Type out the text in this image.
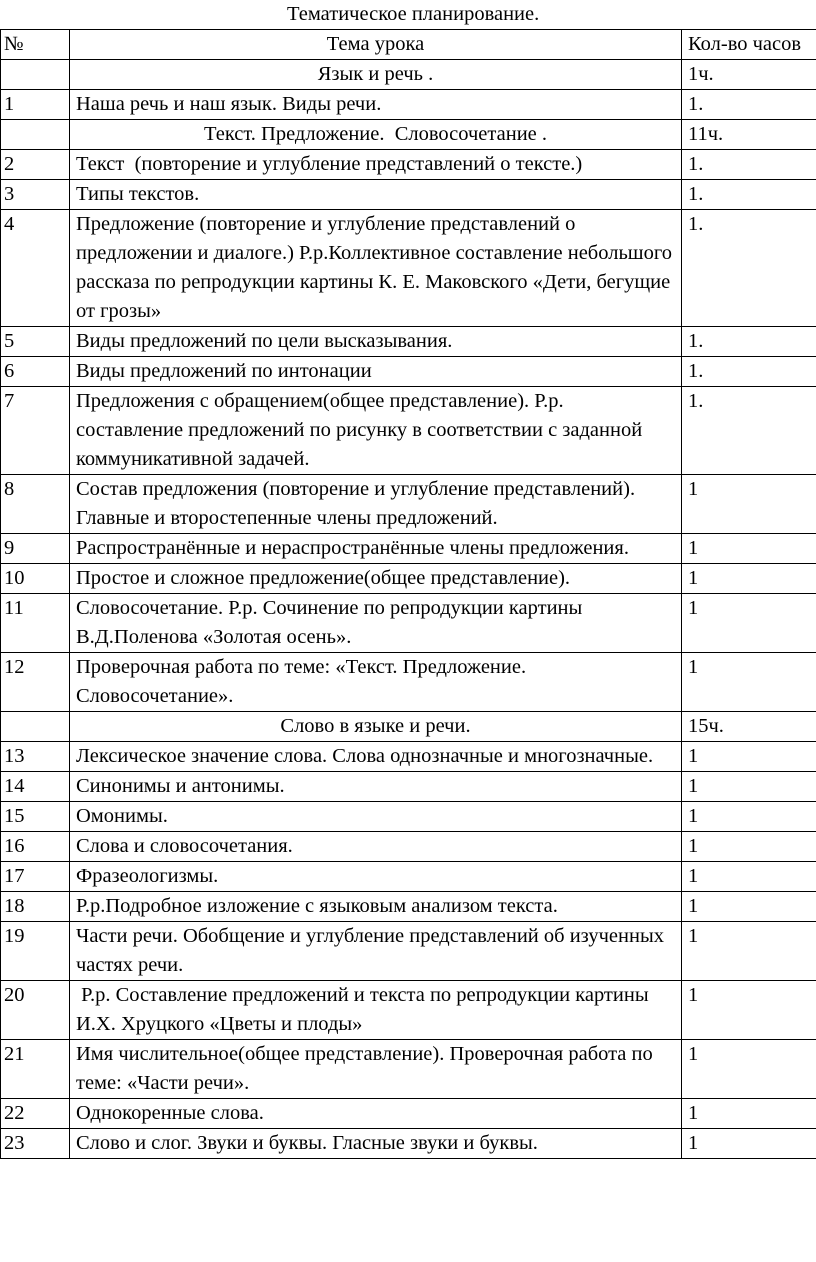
Тематическое планирование.
№	Тема урока	Кол-во часов
	Язык и речь .	1ч.
1	Наша речь и наш язык. Виды речи.	1.
	Текст. Предложение.  Словосочетание .	11ч.
2	Текст  (повторение и углубление представлений о тексте.)	1.
3	Типы текстов.	1.
4	Предложение (повторение и углубление представлений о предложении и диалоге.) Р.р.Коллективное составление небольшого рассказа по репродукции картины К. Е. Маковского «Дети, бегущие от грозы»	1.
5	Виды предложений по цели высказывания.	1.
6	Виды предложений по интонации	1.
7	Предложения с обращением(общее представление). Р.р. составление предложений по рисунку в соответствии с заданной коммуникативной задачей.	1.
8	Состав предложения (повторение и углубление представлений). Главные и второстепенные члены предложений.	1
9	Распространённые и нераспространённые члены предложения.	1
10	Простое и сложное предложение(общее представление).	1
11	Словосочетание. Р.р. Сочинение по репродукции картины В.Д.Поленова «Золотая осень».	1
12	Проверочная работа по теме: «Текст. Предложение. Словосочетание».	1
	Слово в языке и речи.	15ч.
13	Лексическое значение слова. Слова однозначные и многозначные.	1
14	Синонимы и антонимы.	1
15	Омонимы.	1
16	Слова и словосочетания.	1
17	Фразеологизмы.	1
18	Р.р.Подробное изложение с языковым анализом текста.	1
19	Части речи. Обобщение и углубление представлений об изученных частях речи.	1
20	Р.р. Составление предложений и текста по репродукции картины И.Х. Хруцкого «Цветы и плоды»	1
21	Имя числительное(общее представление). Проверочная работа по теме: «Части речи».	1
22	Однокоренные слова.	1
23	Слово и слог. Звуки и буквы. Гласные звуки и буквы.	1
